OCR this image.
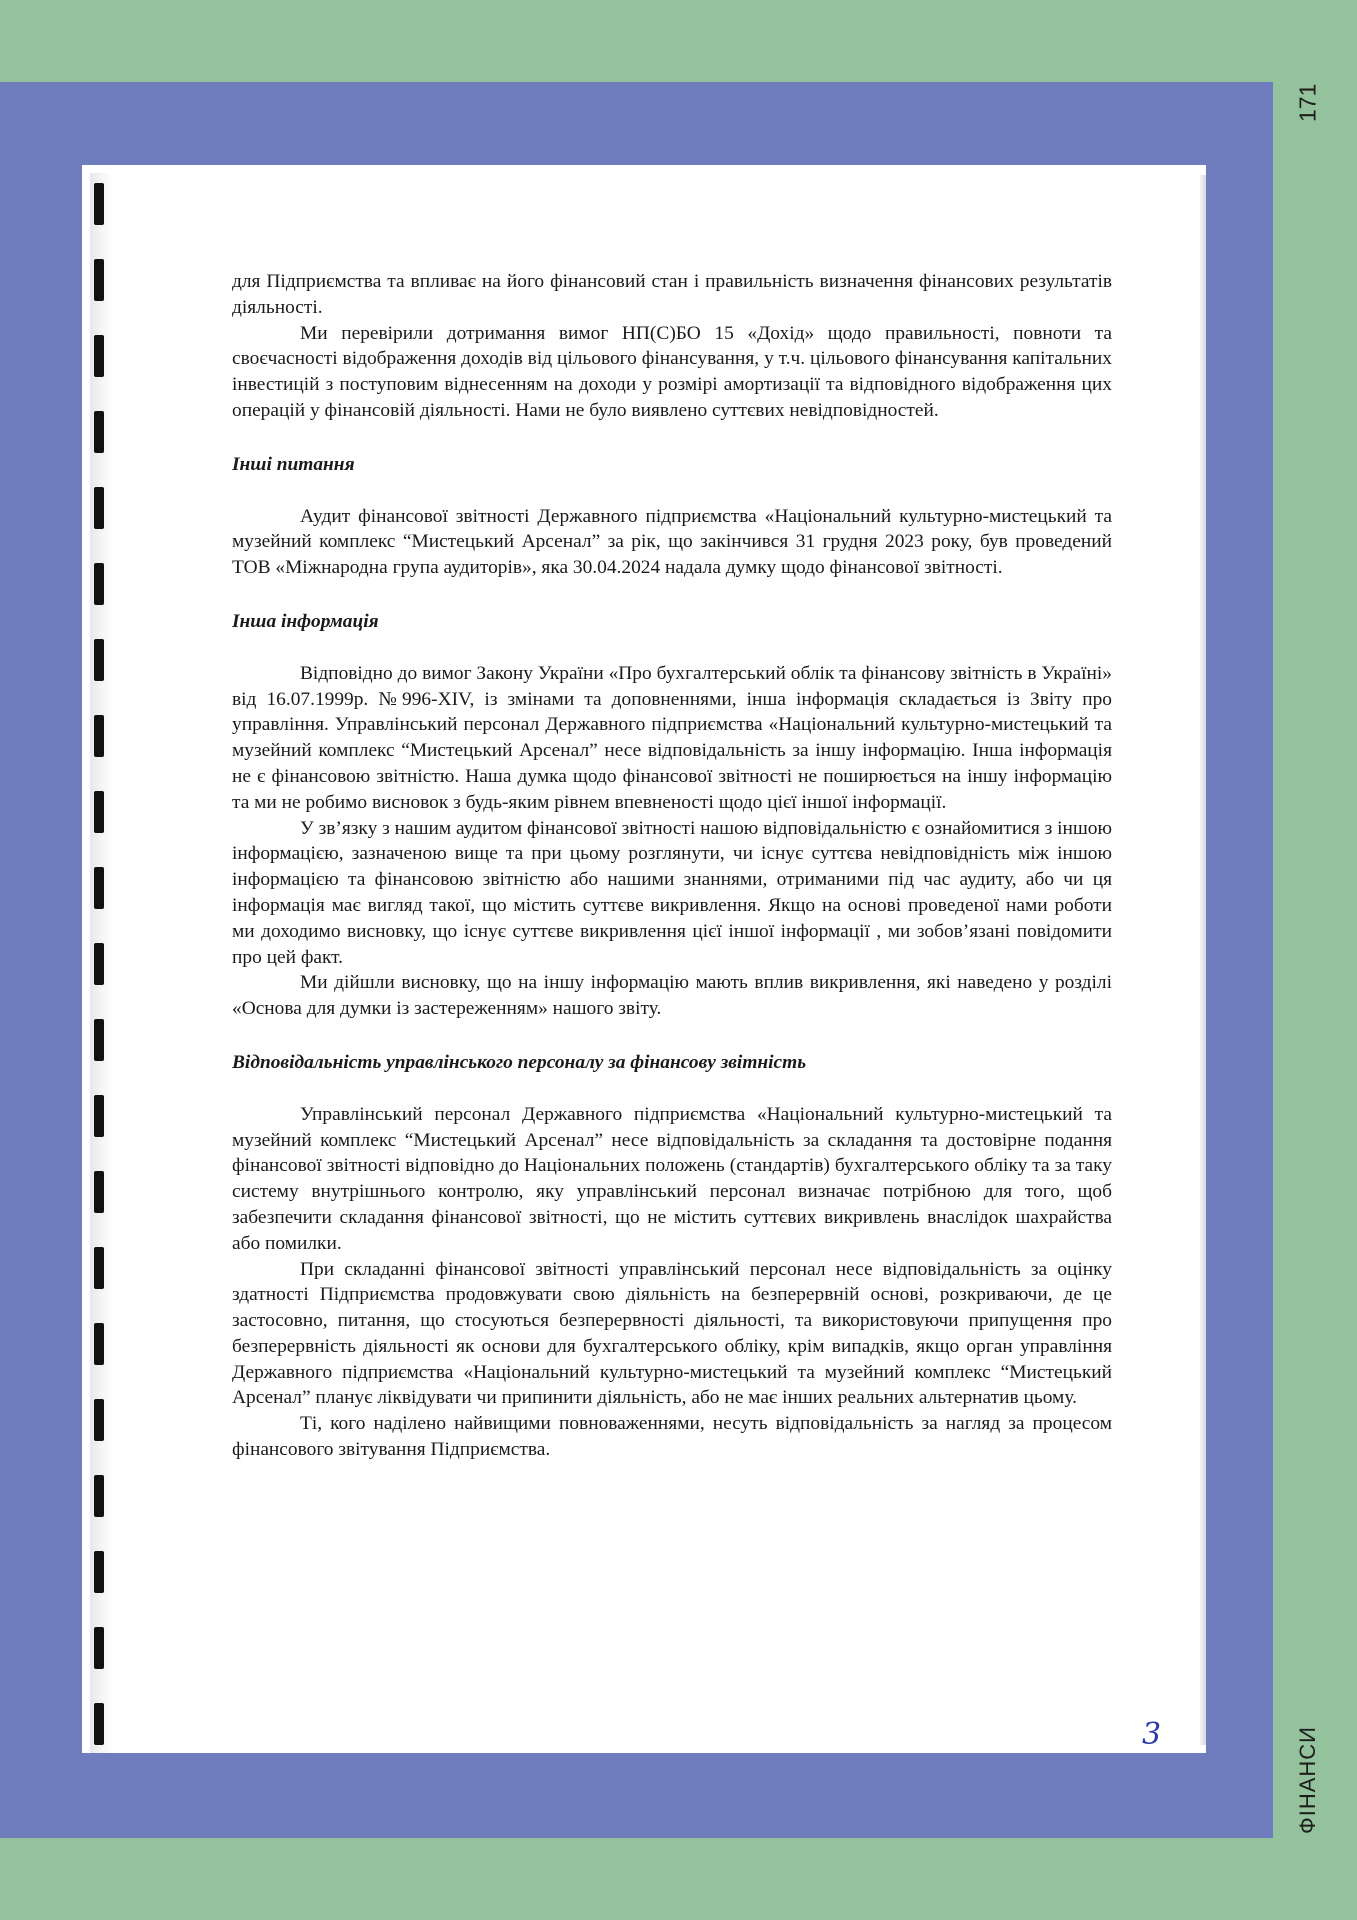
171
ФІНАНСИ

для Підприємства та впливає на його фінансовий стан і правильність визначення фінансових результатів діяльності.

Ми перевірили дотримання вимог НП(С)БО 15 «Дохід» щодо правильності, повноти та своєчасності відображення доходів від цільового фінансування, у т.ч. цільового фінансування капітальних інвестицій з поступовим віднесенням на доходи у розмірі амортизації та відповідного відображення цих операцій у фінансовій діяльності. Нами не було виявлено суттєвих невідповідностей.

Інші питання

Аудит фінансової звітності Державного підприємства «Національний культурно-мистецький та музейний комплекс “Мистецький Арсенал” за рік, що закінчився 31 грудня 2023 року, був проведений ТОВ «Міжнародна група аудиторів», яка 30.04.2024 надала думку щодо фінансової звітності.

Інша інформація

Відповідно до вимог Закону України «Про бухгалтерський облік та фінансову звітність в Україні» від 16.07.1999р. №996-XIV, із змінами та доповненнями, інша інформація складається із Звіту про управління. Управлінський персонал Державного підприємства «Національний культурно-мистецький та музейний комплекс “Мистецький Арсенал” несе відповідальність за іншу інформацію. Інша інформація не є фінансовою звітністю. Наша думка щодо фінансової звітності не поширюється на іншу інформацію та ми не робимо висновок з будь-яким рівнем впевненості щодо цієї іншої інформації.

У зв’язку з нашим аудитом фінансової звітності нашою відповідальністю є ознайомитися з іншою інформацією, зазначеною вище та при цьому розглянути, чи існує суттєва невідповідність між іншою інформацією та фінансовою звітністю або нашими знаннями, отриманими під час аудиту, або чи ця інформація має вигляд такої, що містить суттєве викривлення. Якщо на основі проведеної нами роботи ми доходимо висновку, що існує суттєве викривлення цієї іншої інформації , ми зобов’язані повідомити про цей факт.

Ми дійшли висновку, що на іншу інформацію мають вплив викривлення, які наведено у розділі «Основа для думки із застереженням» нашого звіту.

Відповідальність управлінського персоналу за фінансову звітність

Управлінський персонал Державного підприємства «Національний культурно-мистецький та музейний комплекс “Мистецький Арсенал” несе відповідальність за складання та достовірне подання фінансової звітності відповідно до Національних положень (стандартів) бухгалтерського обліку та за таку систему внутрішнього контролю, яку управлінський персонал визначає потрібною для того, щоб забезпечити складання фінансової звітності, що не містить суттєвих викривлень внаслідок шахрайства або помилки.

При складанні фінансової звітності управлінський персонал несе відповідальність за оцінку здатності Підприємства продовжувати свою діяльність на безперервній основі, розкриваючи, де це застосовно, питання, що стосуються безперервності діяльності, та використовуючи припущення про безперервність діяльності як основи для бухгалтерського обліку, крім випадків, якщо орган управління Державного підприємства «Національний культурно-мистецький та музейний комплекс “Мистецький Арсенал” планує ліквідувати чи припинити діяльність, або не має інших реальних альтернатив цьому.

Ті, кого наділено найвищими повноваженнями, несуть відповідальність за нагляд за процесом фінансового звітування Підприємства.

3
